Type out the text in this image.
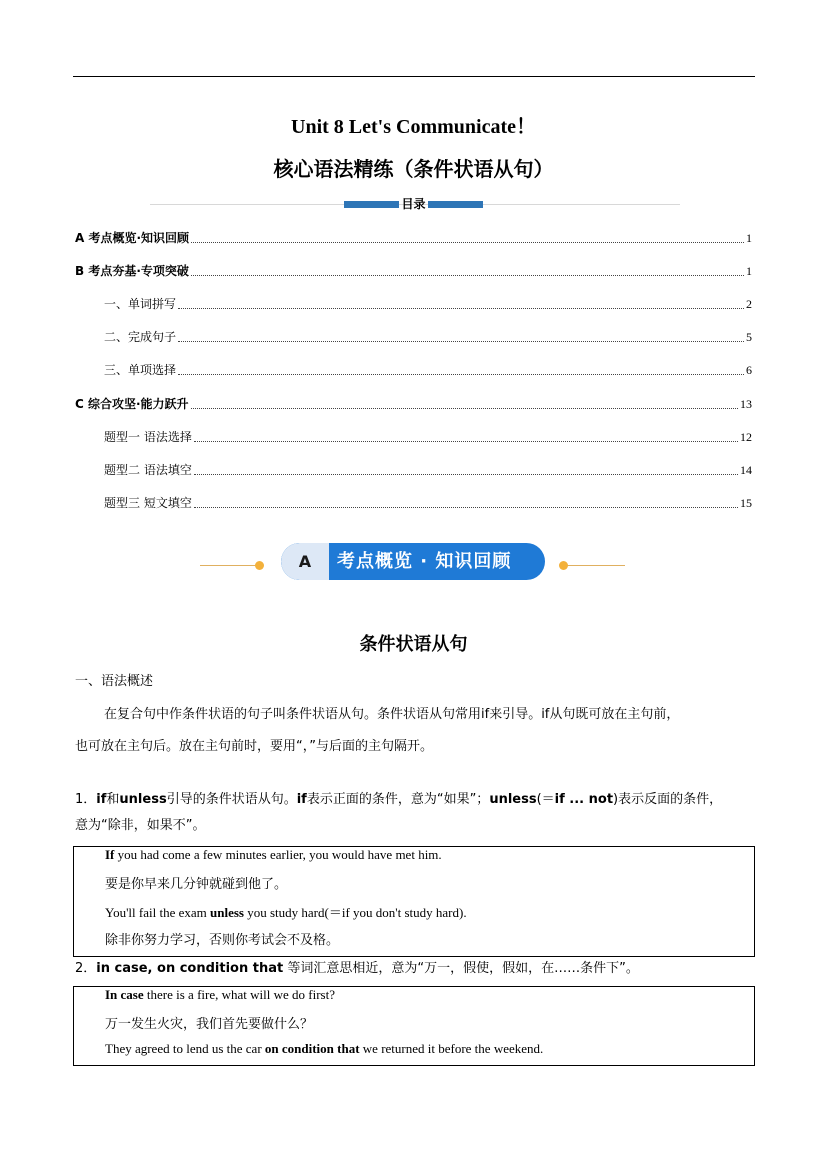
Unit 8 Let's Communicate！
核心语法精练（条件状语从句）
目录
A 考点概览·知识回顾	1
B 考点夯基·专项突破	1
一、单词拼写	2
二、完成句子	5
三、单项选择	6
C 综合攻坚·能力跃升	13
题型一 语法选择	12
题型二 语法填空	14
题型三 短文填空	15
A 考点概览 · 知识回顾
条件状语从句
一、语法概述
在复合句中作条件状语的句子叫条件状语从句。条件状语从句常用if来引导。if从句既可放在主句前，
也可放在主句后。放在主句前时，要用“，”与后面的主句隔开。
1．if和unless引导的条件状语从句。if表示正面的条件，意为“如果”；unless(＝if ... not)表示反面的条件，
意为“除非，如果不”。
If you had come a few minutes earlier, you would have met him.
要是你早来几分钟就碰到他了。
You'll fail the exam unless you study hard(＝if you don't study hard).
除非你努力学习，否则你考试会不及格。
2．in case, on condition that 等词汇意思相近，意为“万一，假使，假如，在……条件下”。
In case there is a fire, what will we do first?
万一发生火灾，我们首先要做什么？
They agreed to lend us the car on condition that we returned it before the weekend.
